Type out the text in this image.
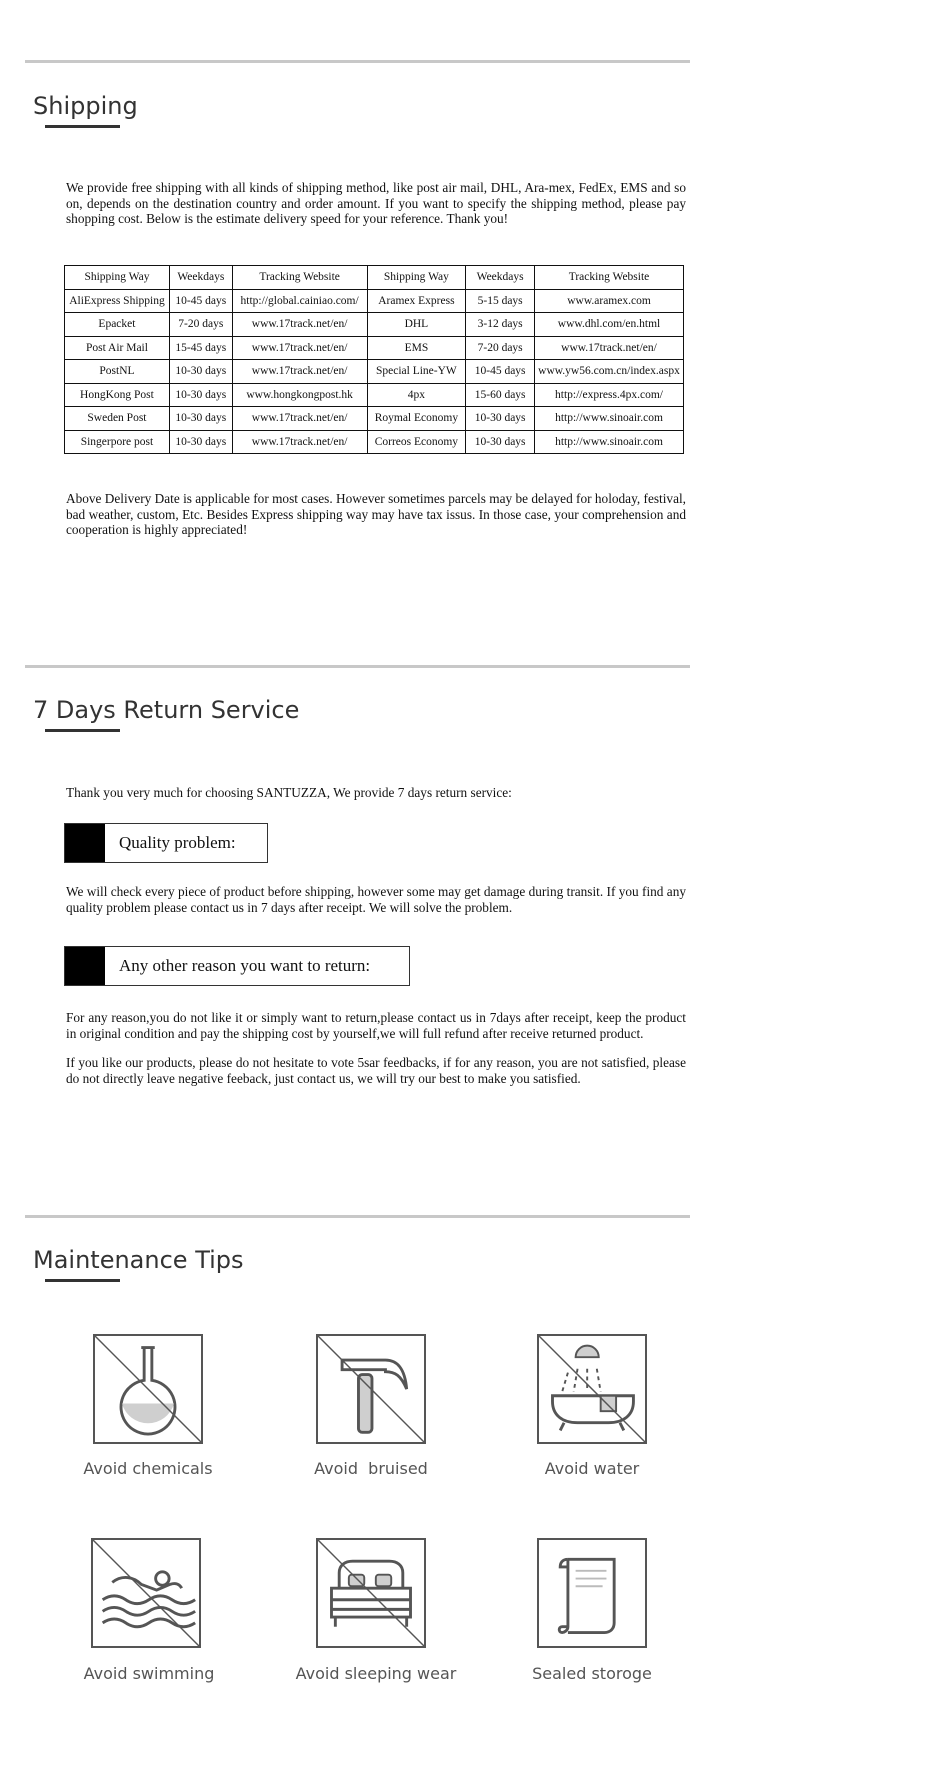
Shipping

We provide free shipping with all kinds of shipping method, like post air mail, DHL, Ara-mex, FedEx, EMS and so on, depends on the destination country and order amount. If you want to specify the shipping method, please pay shopping cost. Below is the estimate delivery speed for your reference. Thank you!

Shipping Way	Weekdays	Tracking Website	Shipping Way	Weekdays	Tracking Website
AliExpress Shipping	10-45 days	http://global.cainiao.com/	Aramex Express	5-15 days	www.aramex.com
Epacket	7-20 days	www.17track.net/en/	DHL	3-12 days	www.dhl.com/en.html
Post Air Mail	15-45 days	www.17track.net/en/	EMS	7-20 days	www.17track.net/en/
PostNL	10-30 days	www.17track.net/en/	Special Line-YW	10-45 days	www.yw56.com.cn/index.aspx
HongKong Post	10-30 days	www.hongkongpost.hk	4px	15-60 days	http://express.4px.com/
Sweden Post	10-30 days	www.17track.net/en/	Roymal Economy	10-30 days	http://www.sinoair.com
Singerpore post	10-30 days	www.17track.net/en/	Correos Economy	10-30 days	http://www.sinoair.com

Above Delivery Date is applicable for most cases. However sometimes parcels may be delayed for holoday, festival, bad weather, custom, Etc. Besides Express shipping way may have tax issus. In those case, your comprehension and cooperation is highly appreciated!

7 Days Return Service

Thank you very much for choosing SANTUZZA, We provide 7 days return service:

Quality problem:

We will check every piece of product before shipping, however some may get damage during transit. If you find any quality problem please contact us in 7 days after receipt. We will solve the problem.

Any other reason you want to return:

For any reason,you do not like it or simply want to return,please contact us in 7days after receipt, keep the product in original condition and pay the shipping cost by yourself,we will full refund after receive returned product.

If you like our products, please do not hesitate to vote 5sar feedbacks, if for any reason, you are not satisfied, please do not directly leave negative feeback, just contact us, we will try our best to make you satisfied.

Maintenance Tips
Avoid chemicals	Avoid  bruised	Avoid water
Avoid swimming	Avoid sleeping wear	Sealed storoge
